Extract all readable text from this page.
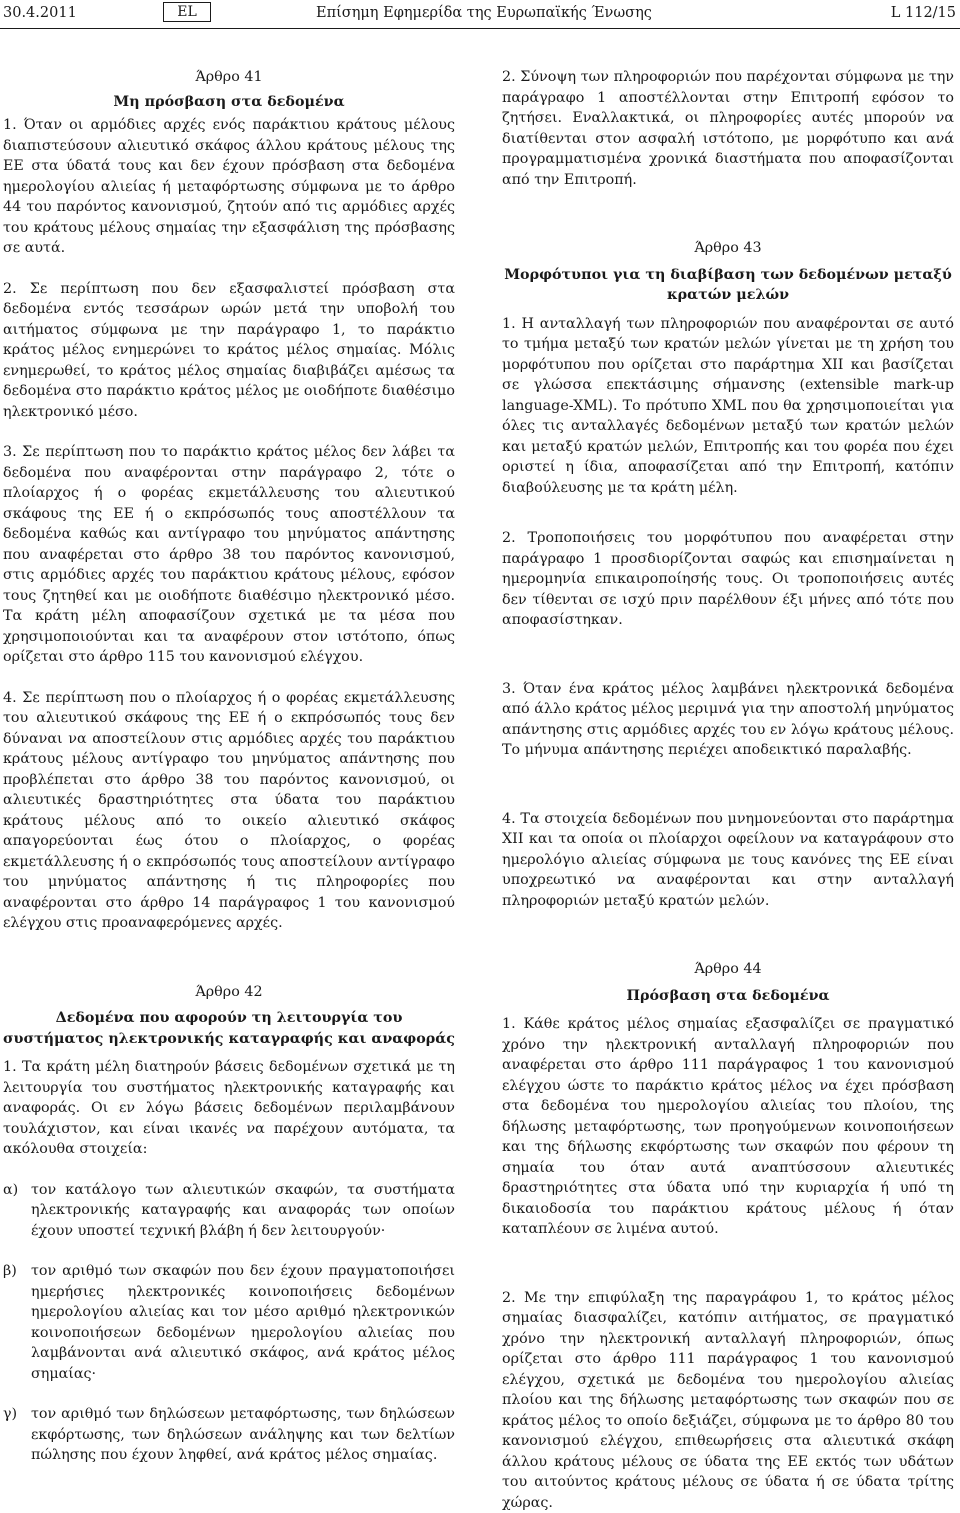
30.4.2011	EL	Επίσημη Εφημερίδα της Ευρωπαϊκής Ένωσης	L 112/15

Άρθρο 41

Μη πρόσβαση στα δεδομένα

1. Όταν οι αρμόδιες αρχές ενός παράκτιου κράτους μέλους διαπιστεύσουν αλιευτικό σκάφος άλλου κράτους μέλους της ΕΕ στα ύδατά τους και δεν έχουν πρόσβαση στα δεδομένα ημερολογίου αλιείας ή μεταφόρτωσης σύμφωνα με το άρθρο 44 του παρόντος κανονισμού, ζητούν από τις αρμόδιες αρχές του κράτους μέλους σημαίας την εξασφάλιση της πρόσβασης σε αυτά.

2. Σε περίπτωση που δεν εξασφαλιστεί πρόσβαση στα δεδομένα εντός τεσσάρων ωρών μετά την υποβολή του αιτήματος σύμφωνα με την παράγραφο 1, το παράκτιο κράτος μέλος ενημερώνει το κράτος μέλος σημαίας. Μόλις ενημερωθεί, το κράτος μέλος σημαίας διαβιβάζει αμέσως τα δεδομένα στο παράκτιο κράτος μέλος με οιοδήποτε διαθέσιμο ηλεκτρονικό μέσο.

3. Σε περίπτωση που το παράκτιο κράτος μέλος δεν λάβει τα δεδομένα που αναφέρονται στην παράγραφο 2, τότε ο πλοίαρχος ή ο φορέας εκμετάλλευσης του αλιευτικού σκάφους της ΕΕ ή ο εκπρόσωπός τους αποστέλλουν τα δεδομένα καθώς και αντίγραφο του μηνύματος απάντησης που αναφέρεται στο άρθρο 38 του παρόντος κανονισμού, στις αρμόδιες αρχές του παράκτιου κράτους μέλους, εφόσον τους ζητηθεί και με οιοδήποτε διαθέσιμο ηλεκτρονικό μέσο. Τα κράτη μέλη αποφασίζουν σχετικά με τα μέσα που χρησιμοποιούνται και τα αναφέρουν στον ιστότοπο, όπως ορίζεται στο άρθρο 115 του κανονισμού ελέγχου.

4. Σε περίπτωση που ο πλοίαρχος ή ο φορέας εκμετάλλευσης του αλιευτικού σκάφους της ΕΕ ή ο εκπρόσωπός τους δεν δύναναι να αποστείλουν στις αρμόδιες αρχές του παράκτιου κράτους μέλους αντίγραφο του μηνύματος απάντησης που προβλέπεται στο άρθρο 38 του παρόντος κανονισμού, οι αλιευτικές δραστηριότητες στα ύδατα του παράκτιου κράτους μέλους από το οικείο αλιευτικό σκάφος απαγορεύονται έως ότου ο πλοίαρχος, ο φορέας εκμετάλλευσης ή ο εκπρόσωπός τους αποστείλουν αντίγραφο του μηνύματος απάντησης ή τις πληροφορίες που αναφέρονται στο άρθρο 14 παράγραφος 1 του κανονισμού ελέγχου στις προαναφερόμενες αρχές.

Άρθρο 42

Δεδομένα που αφορούν τη λειτουργία του συστήματος ηλεκτρονικής καταγραφής και αναφοράς

1. Τα κράτη μέλη διατηρούν βάσεις δεδομένων σχετικά με τη λειτουργία του συστήματος ηλεκτρονικής καταγραφής και αναφοράς. Οι εν λόγω βάσεις δεδομένων περιλαμβάνουν τουλάχιστον, και είναι ικανές να παρέχουν αυτόματα, τα ακόλουθα στοιχεία:

α) τον κατάλογο των αλιευτικών σκαφών, τα συστήματα ηλεκτρονικής καταγραφής και αναφοράς των οποίων έχουν υποστεί τεχνική βλάβη ή δεν λειτουργούν·
β) τον αριθμό των σκαφών που δεν έχουν πραγματοποιήσει ημερήσιες ηλεκτρονικές κοινοποιήσεις δεδομένων ημερολογίου αλιείας και τον μέσο αριθμό ηλεκτρονικών κοινοποιήσεων δεδομένων ημερολογίου αλιείας που λαμβάνονται ανά αλιευτικό σκάφος, ανά κράτος μέλος σημαίας·
γ) τον αριθμό των δηλώσεων μεταφόρτωσης, των δηλώσεων εκφόρτωσης, των δηλώσεων ανάληψης και των δελτίων πώλησης που έχουν ληφθεί, ανά κράτος μέλος σημαίας.

2. Σύνοψη των πληροφοριών που παρέχονται σύμφωνα με την παράγραφο 1 αποστέλλονται στην Επιτροπή εφόσον το ζητήσει. Εναλλακτικά, οι πληροφορίες αυτές μπορούν να διατίθενται στον ασφαλή ιστότοπο, με μορφότυπο και ανά προγραμματισμένα χρονικά διαστήματα που αποφασίζονται από την Επιτροπή.

Άρθρο 43

Μορφότυποι για τη διαβίβαση των δεδομένων μεταξύ κρατών μελών

1. Η ανταλλαγή των πληροφοριών που αναφέρονται σε αυτό το τμήμα μεταξύ των κρατών μελών γίνεται με τη χρήση του μορφότυπου που ορίζεται στο παράρτημα XII και βασίζεται σε γλώσσα επεκτάσιμης σήμανσης (extensible mark-up language-XML). Το πρότυπο XML που θα χρησιμοποιείται για όλες τις ανταλλαγές δεδομένων μεταξύ των κρατών μελών και μεταξύ κρατών μελών, Επιτροπής και του φορέα που έχει οριστεί η ίδια, αποφασίζεται από την Επιτροπή, κατόπιν διαβούλευσης με τα κράτη μέλη.

2. Τροποποιήσεις του μορφότυπου που αναφέρεται στην παράγραφο 1 προσδιορίζονται σαφώς και επισημαίνεται η ημερομηνία επικαιροποίησής τους. Οι τροποποιήσεις αυτές δεν τίθενται σε ισχύ πριν παρέλθουν έξι μήνες από τότε που αποφασίστηκαν.

3. Όταν ένα κράτος μέλος λαμβάνει ηλεκτρονικά δεδομένα από άλλο κράτος μέλος μεριμνά για την αποστολή μηνύματος απάντησης στις αρμόδιες αρχές του εν λόγω κράτους μέλους. Το μήνυμα απάντησης περιέχει αποδεικτικό παραλαβής.

4. Τα στοιχεία δεδομένων που μνημονεύονται στο παράρτημα XII και τα οποία οι πλοίαρχοι οφείλουν να καταγράφουν στο ημερολόγιο αλιείας σύμφωνα με τους κανόνες της ΕΕ είναι υποχρεωτικό να αναφέρονται και στην ανταλλαγή πληροφοριών μεταξύ κρατών μελών.

Άρθρο 44

Πρόσβαση στα δεδομένα

1. Κάθε κράτος μέλος σημαίας εξασφαλίζει σε πραγματικό χρόνο την ηλεκτρονική ανταλλαγή πληροφοριών που αναφέρεται στο άρθρο 111 παράγραφος 1 του κανονισμού ελέγχου ώστε το παράκτιο κράτος μέλος να έχει πρόσβαση στα δεδομένα του ημερολογίου αλιείας του πλοίου, της δήλωσης μεταφόρτωσης, των προηγούμενων κοινοποιήσεων και της δήλωσης εκφόρτωσης των σκαφών που φέρουν τη σημαία του όταν αυτά αναπτύσσουν αλιευτικές δραστηριότητες στα ύδατα υπό την κυριαρχία ή υπό τη δικαιοδοσία του παράκτιου κράτους μέλους ή όταν καταπλέουν σε λιμένα αυτού.

2. Με την επιφύλαξη της παραγράφου 1, το κράτος μέλος σημαίας διασφαλίζει, κατόπιν αιτήματος, σε πραγματικό χρόνο την ηλεκτρονική ανταλλαγή πληροφοριών, όπως ορίζεται στο άρθρο 111 παράγραφος 1 του κανονισμού ελέγχου, σχετικά με δεδομένα του ημερολογίου αλιείας πλοίου και της δήλωσης μεταφόρτωσης των σκαφών που σε κράτος μέλος το οποίο δεξιάζει, σύμφωνα με το άρθρο 80 του κανονισμού ελέγχου, επιθεωρήσεις στα αλιευτικά σκάφη άλλου κράτους μέλους σε ύδατα της ΕΕ εκτός των υδάτων του αιτούντος κράτους μέλους σε ύδατα ή σε ύδατα τρίτης χώρας.
